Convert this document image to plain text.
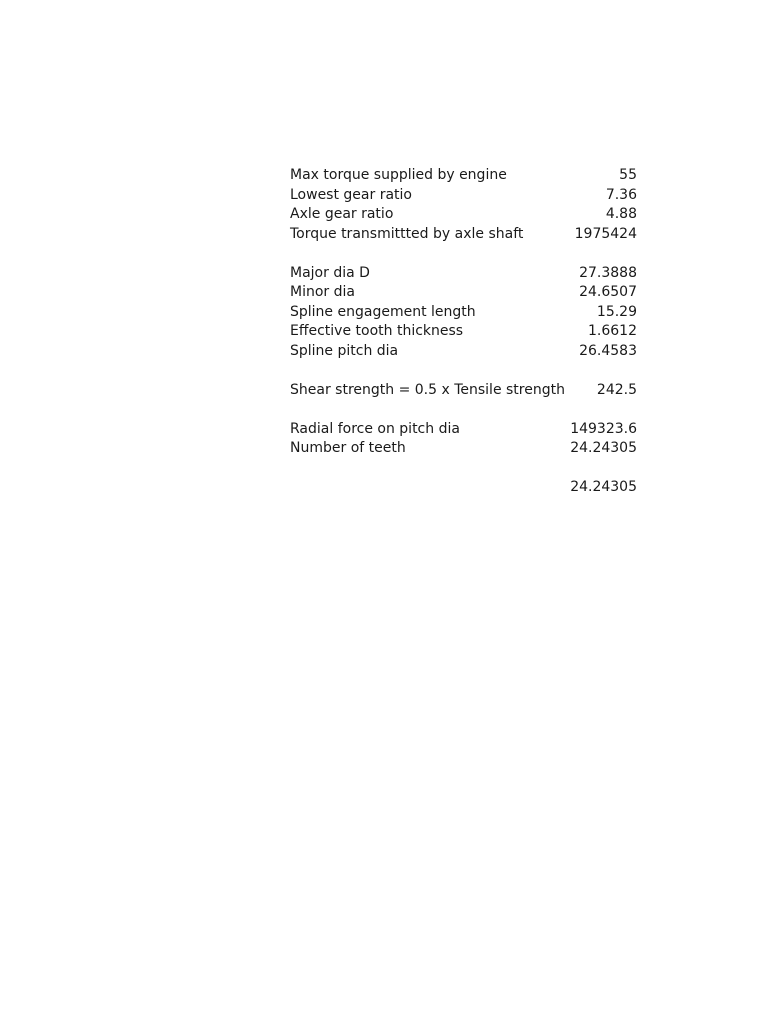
Max torque supplied by engine	55
Lowest gear ratio	7.36
Axle gear ratio	4.88
Torque transmittted by axle shaft	1975424
Major dia D	27.3888
Minor dia	24.6507
Spline engagement length	15.29
Effective tooth thickness	1.6612
Spline pitch dia	26.4583
Shear strength = 0.5 x Tensile strength 242.5
Radial force on pitch dia	149323.6
Number of teeth	24.24305
24.24305
